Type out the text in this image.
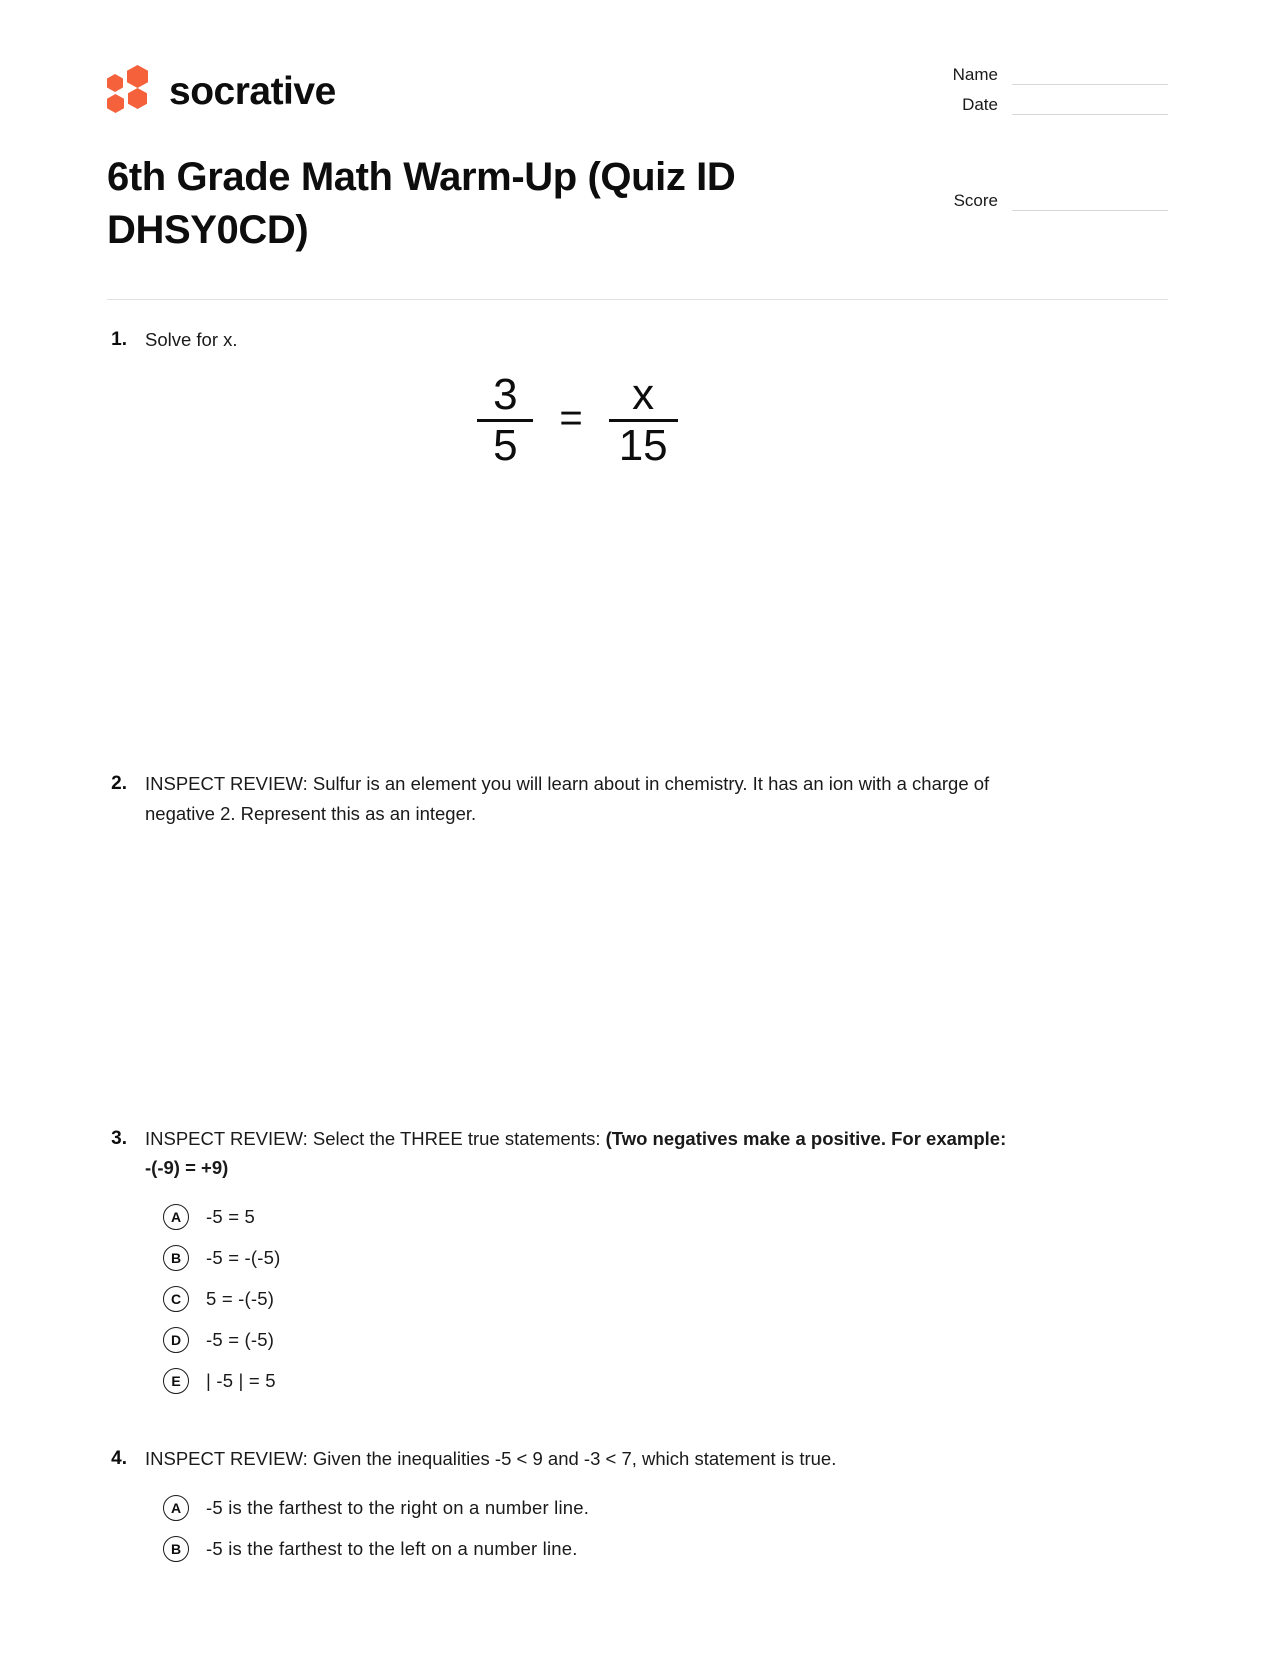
socrative	Name
Date
Score
6th Grade Math Warm-Up (Quiz ID DHSY0CD)
1. Solve for x.
$\frac{3}{5} = \frac{x}{15}$
2. INSPECT REVIEW: Sulfur is an element you will learn about in chemistry. It has an ion with a charge of negative 2. Represent this as an integer.
3. INSPECT REVIEW: Select the THREE true statements: (Two negatives make a positive. For example: -(-9) = +9)
A	-5 = 5
B	-5 = -(-5)
C	5 = -(-5)
D	-5 = (-5)
E	| -5 | = 5
4. INSPECT REVIEW: Given the inequalities -5 < 9 and -3 < 7, which statement is true.
A	-5 is the farthest to the right on a number line.
B	-5 is the farthest to the left on a number line.
